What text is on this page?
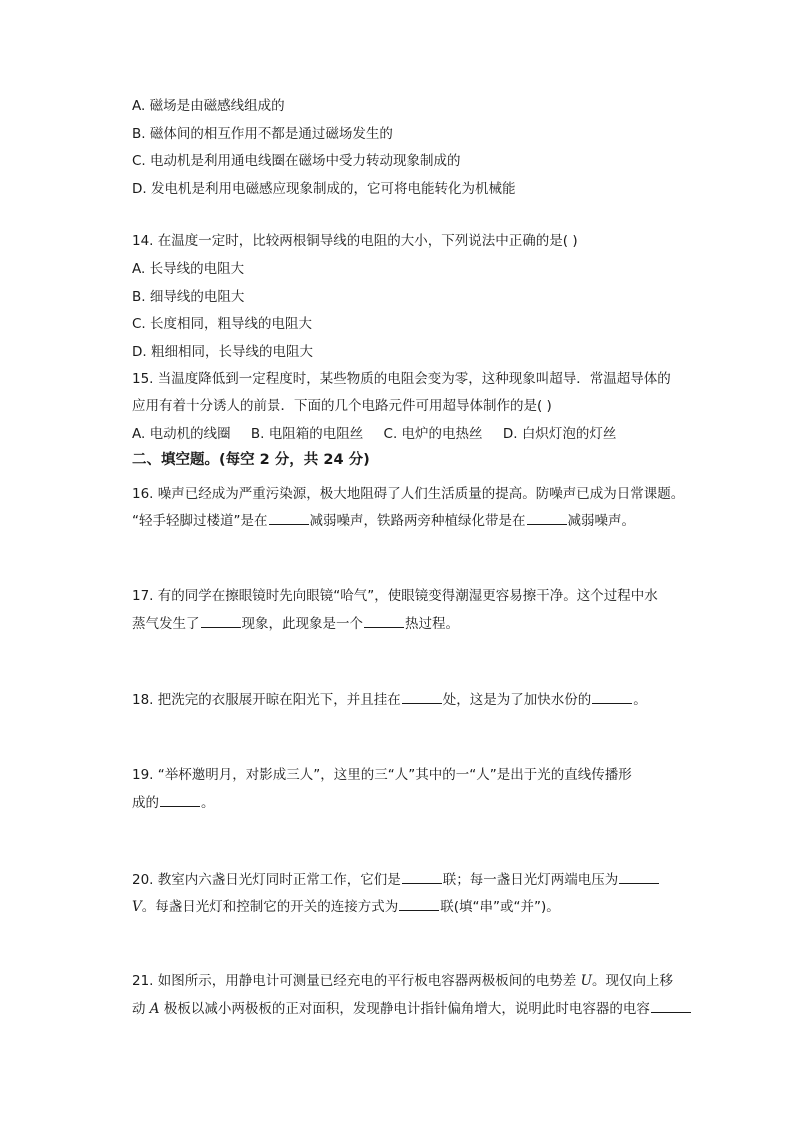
A. 磁场是由磁感线组成的
B. 磁体间的相互作用不都是通过磁场发生的
C. 电动机是利用通电线圈在磁场中受力转动现象制成的
D. 发电机是利用电磁感应现象制成的，它可将电能转化为机械能
14. 在温度一定时，比较两根铜导线的电阻的大小，下列说法中正确的是( )
A. 长导线的电阻大
B. 细导线的电阻大
C. 长度相同，粗导线的电阻大
D. 粗细相同，长导线的电阻大
15. 当温度降低到一定程度时，某些物质的电阻会变为零，这种现象叫超导．常温超导体的
应用有着十分诱人的前景．下面的几个电路元件可用超导体制作的是( )
A. 电动机的线圈 B. 电阻箱的电阻丝 C. 电炉的电热丝 D. 白炽灯泡的灯丝
二、填空题。(每空 2 分，共 24 分)
16. 噪声已经成为严重污染源，极大地阻碍了人们生活质量的提高。防噪声已成为日常课题。
“轻手轻脚过楼道”是在	减弱噪声，铁路两旁种植绿化带是在	减弱噪声。
17. 有的同学在擦眼镜时先向眼镜“哈气”，使眼镜变得潮湿更容易擦干净。这个过程中水
蒸气发生了	现象，此现象是一个	热过程。
18. 把洗完的衣服展开晾在阳光下，并且挂在	处，这是为了加快水份的	。
19. “举杯邀明月，对影成三人”，这里的三“人”其中的一“人”是出于光的直线传播形
成的	。
20. 教室内六盏日光灯同时正常工作，它们是	联；每一盏日光灯两端电压为
V。每盏日光灯和控制它的开关的连接方式为	联(填“串”或“并”)。
21. 如图所示，用静电计可测量已经充电的平行板电容器两极板间的电势差 U。现仅向上移
动 A 极板以减小两极板的正对面积，发现静电计指针偏角增大，说明此时电容器的电容
